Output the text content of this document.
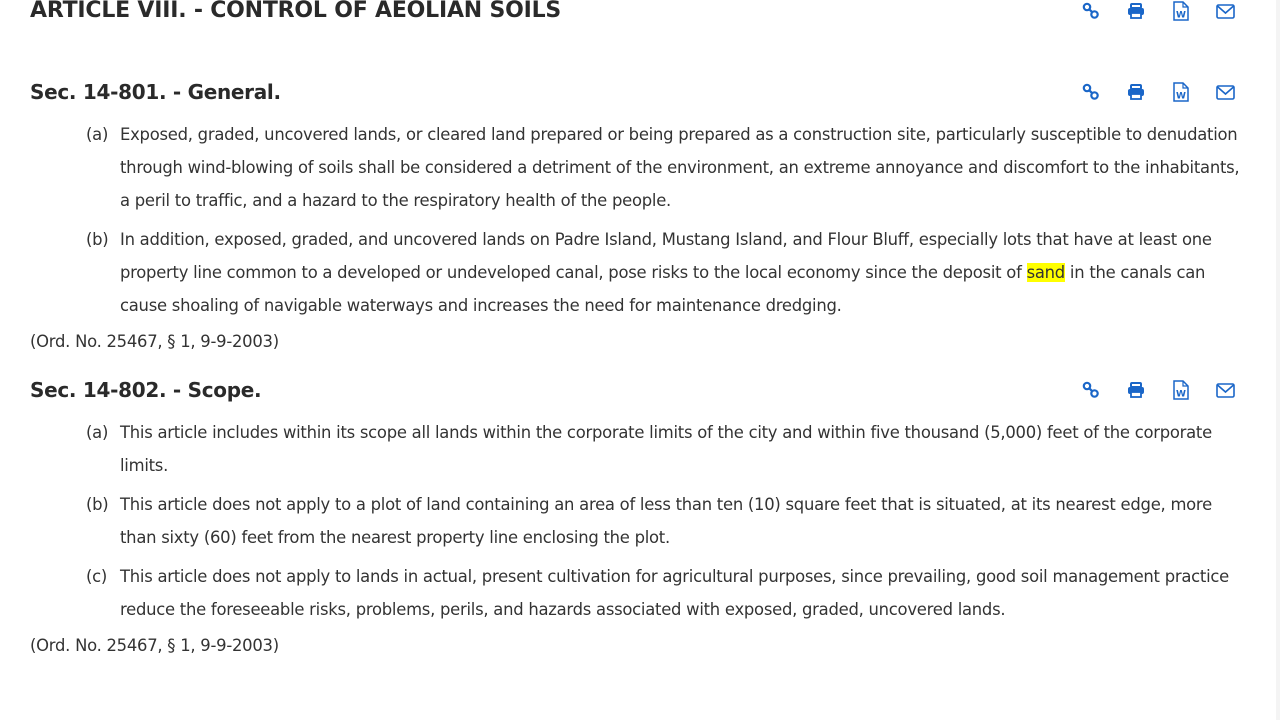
ARTICLE VIII. - CONTROL OF AEOLIAN SOILS	W
Sec. 14-801. - General.	W
(a) Exposed, graded, uncovered lands, or cleared land prepared or being prepared as a construction site, particularly susceptible to denudation through wind-blowing of soils shall be considered a detriment of the environment, an extreme annoyance and discomfort to the inhabitants, a peril to traffic, and a hazard to the respiratory health of the people.
(b) In addition, exposed, graded, and uncovered lands on Padre Island, Mustang Island, and Flour Bluff, especially lots that have at least one property line common to a developed or undeveloped canal, pose risks to the local economy since the deposit of sand in the canals can cause shoaling of navigable waterways and increases the need for maintenance dredging.
(Ord. No. 25467, § 1, 9-9-2003)
Sec. 14-802. - Scope.	W
(a) This article includes within its scope all lands within the corporate limits of the city and within five thousand (5,000) feet of the corporate limits.
(b) This article does not apply to a plot of land containing an area of less than ten (10) square feet that is situated, at its nearest edge, more than sixty (60) feet from the nearest property line enclosing the plot.
(c) This article does not apply to lands in actual, present cultivation for agricultural purposes, since prevailing, good soil management practice reduce the foreseeable risks, problems, perils, and hazards associated with exposed, graded, uncovered lands.
(Ord. No. 25467, § 1, 9-9-2003)
